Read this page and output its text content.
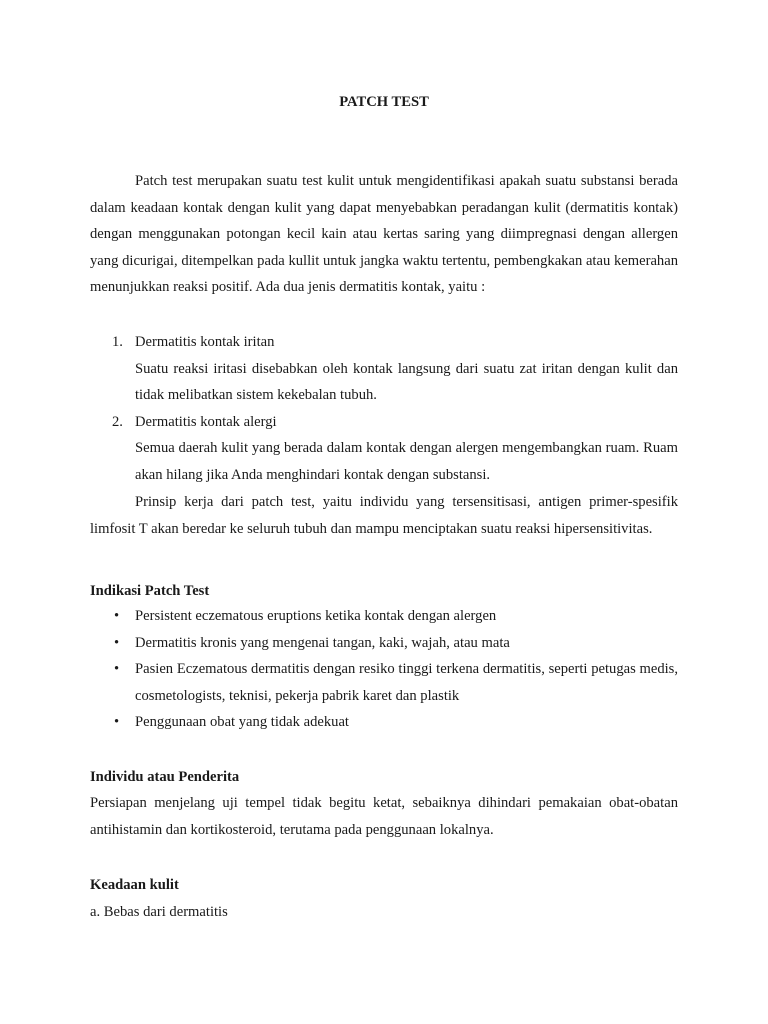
PATCH TEST

Patch test merupakan suatu test kulit untuk mengidentifikasi apakah suatu substansi berada dalam keadaan kontak dengan kulit yang dapat menyebabkan peradangan kulit (dermatitis kontak) dengan menggunakan potongan kecil kain atau kertas saring yang diimpregnasi dengan allergen yang dicurigai, ditempelkan pada kullit untuk jangka waktu tertentu, pembengkakan atau kemerahan menunjukkan reaksi positif. Ada dua jenis dermatitis kontak, yaitu :

1. Dermatitis kontak iritan
Suatu reaksi iritasi disebabkan oleh kontak langsung dari suatu zat iritan dengan kulit dan tidak melibatkan sistem kekebalan tubuh.
2. Dermatitis kontak alergi
Semua daerah kulit yang berada dalam kontak dengan alergen mengembangkan ruam. Ruam akan hilang jika Anda menghindari kontak dengan substansi.

Prinsip kerja dari patch test, yaitu individu yang tersensitisasi, antigen primer-spesifik limfosit T akan beredar ke seluruh tubuh dan mampu menciptakan suatu reaksi hipersensitivitas.

Indikasi Patch Test
• Persistent eczematous eruptions ketika kontak dengan alergen
• Dermatitis kronis yang mengenai tangan, kaki, wajah, atau mata
• Pasien Eczematous dermatitis dengan resiko tinggi terkena dermatitis, seperti petugas medis, cosmetologists, teknisi, pekerja pabrik karet dan plastik
• Penggunaan obat yang tidak adekuat
Individu atau Penderita

Persiapan menjelang uji tempel tidak begitu ketat, sebaiknya dihindari pemakaian obat-obatan antihistamin dan kortikosteroid, terutama pada penggunaan lokalnya.

Keadaan kulit
a. Bebas dari dermatitis
